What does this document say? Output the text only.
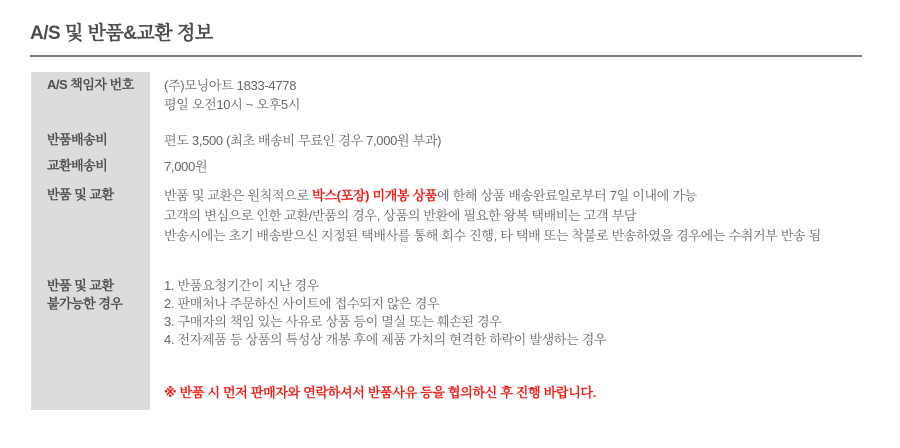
A/S 및 반품&교환 정보
A/S 책임자 번호	(주)모닝아트 1833-4778
평일 오전10시 ~ 오후5시
반품배송비	편도 3,500 (최초 배송비 무료인 경우 7,000원 부과)
교환배송비	7,000원
반품 및 교환	반품 및 교환은 원칙적으로 박스(포장) 미개봉 상품에 한해 상품 배송완료일로부터 7일 이내에 가능
고객의 변심으로 인한 교환/반품의 경우, 상품의 반환에 필요한 왕복 택배비는 고객 부담
반송시에는 초기 배송받으신 지정된 택배사를 통해 회수 진행, 타 택배 또는 착불로 반송하였을 경우에는 수취거부 반송 됨
반품 및 교환
불가능한 경우
1. 반품요청기간이 지난 경우
2. 판매처나 주문하신 사이트에 접수되지 않은 경우
3. 구매자의 책임 있는 사유로 상품 등이 멸실 또는 훼손된 경우
4. 전자제품 등 상품의 특성상 개봉 후에 제품 가치의 현격한 하락이 발생하는 경우
※ 반품 시 먼저 판매자와 연락하셔서 반품사유 등을 협의하신 후 진행 바랍니다.
